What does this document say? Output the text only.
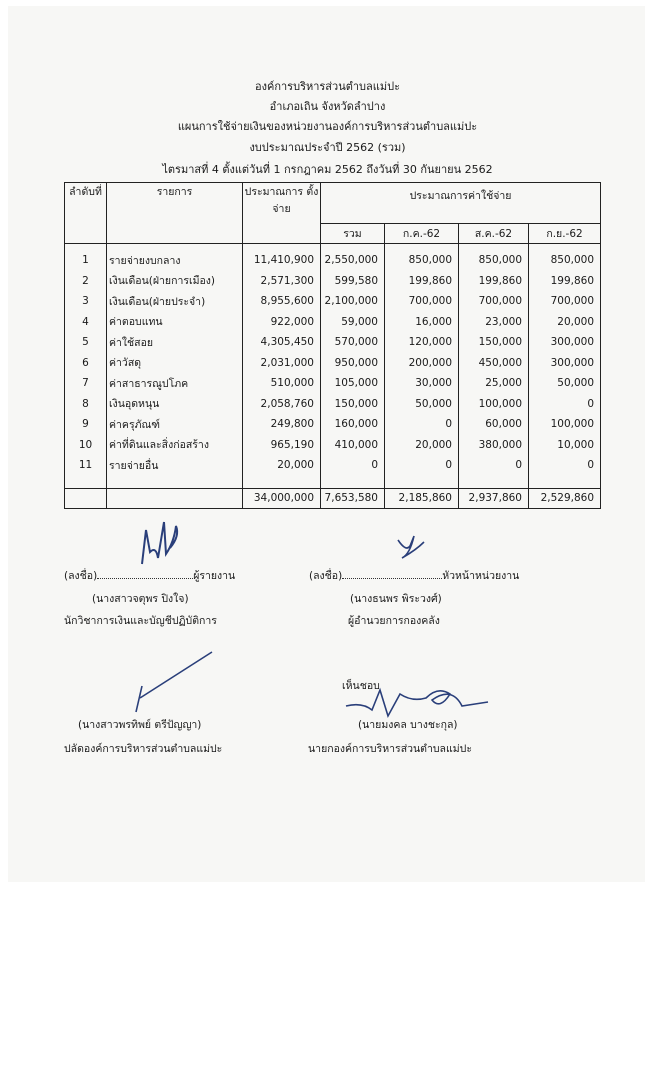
องค์การบริหารส่วนตำบลแม่ปะ
อำเภอเถิน จังหวัดลำปาง
แผนการใช้จ่ายเงินของหน่วยงานองค์การบริหารส่วนตำบลแม่ปะ
งบประมาณประจำปี 2562 (รวม)
ไตรมาสที่ 4 ตั้งแต่วันที่ 1 กรกฎาคม 2562 ถึงวันที่ 30 กันยายน 2562
ลำดับที่	รายการ	ประมาณการ ตั้งจ่าย	ประมาณการค่าใช้จ่าย			
			รวม	ก.ค.-62	ส.ค.-62	ก.ย.-62

1	รายจ่ายงบกลาง	11,410,900	2,550,000	850,000	850,000	850,000
2	เงินเดือน(ฝ่ายการเมือง)	2,571,300	599,580	199,860	199,860	199,860
3	เงินเดือน(ฝ่ายประจำ)	8,955,600	2,100,000	700,000	700,000	700,000
4	ค่าตอบแทน	922,000	59,000	16,000	23,000	20,000
5	ค่าใช้สอย	4,305,450	570,000	120,000	150,000	300,000
6	ค่าวัสดุ	2,031,000	950,000	200,000	450,000	300,000
7	ค่าสาธารณูปโภค	510,000	105,000	30,000	25,000	50,000
8	เงินอุดหนุน	2,058,760	150,000	50,000	100,000	0
9	ค่าครุภัณฑ์	249,800	160,000	0	60,000	100,000
10	ค่าที่ดินและสิ่งก่อสร้าง	965,190	410,000	20,000	380,000	10,000
11	รายจ่ายอื่น	20,000	0	0	0	0

		34,000,000	7,653,580	2,185,860	2,937,860	2,529,860
(ลงชื่อ)	ผู้รายงาน
(นางสาวจตุพร ปิงใจ)
นักวิชาการเงินและบัญชีปฏิบัติการ
(ลงชื่อ)	หัวหน้าหน่วยงาน
(นางธนพร พิระวงศ์)
ผู้อำนวยการกองคลัง
เห็นชอบ
(นางสาวพรทิพย์ ตรีปัญญา)
ปลัดองค์การบริหารส่วนตำบลแม่ปะ
(นายมงคล บางชะกุล)
นายกองค์การบริหารส่วนตำบลแม่ปะ
